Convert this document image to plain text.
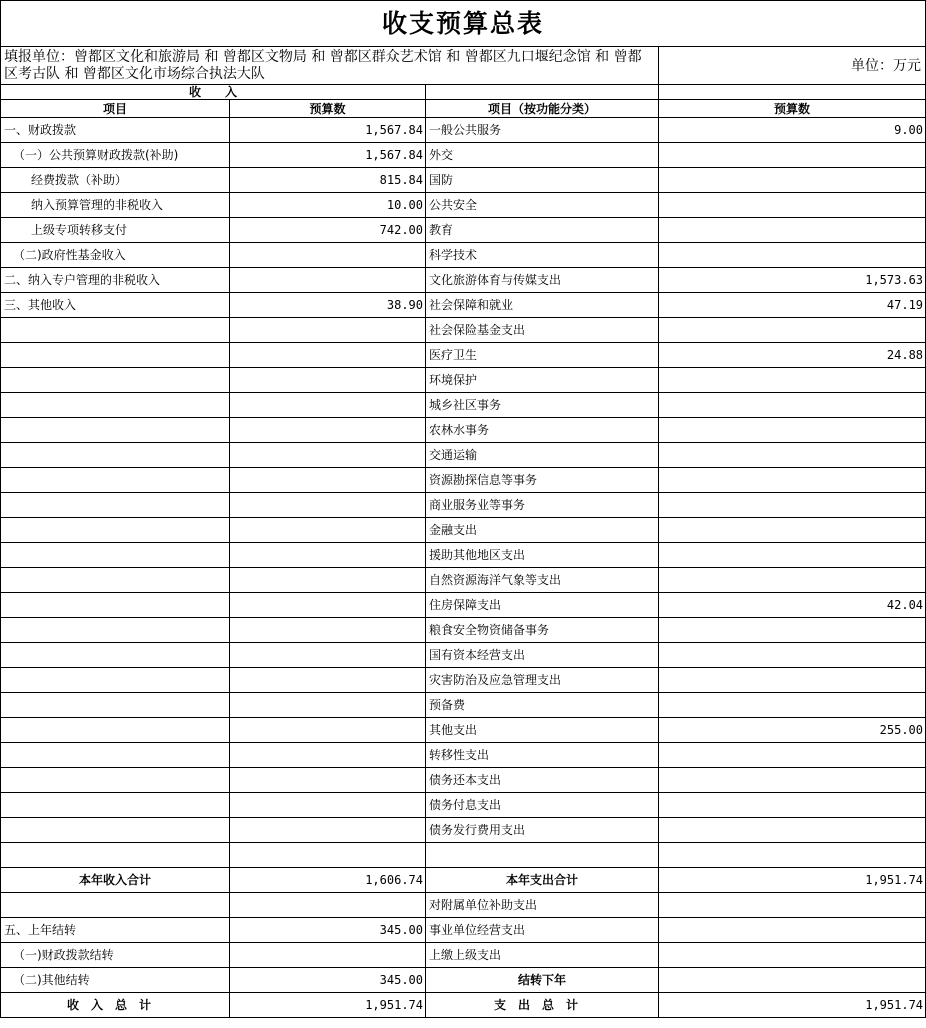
收支预算总表			
填报单位：曾都区文化和旅游局 和 曾都区文物局 和 曾都区群众艺术馆 和 曾都区九口堰纪念馆 和 曾都区考古队 和 曾都区文化市场综合执法大队			单位：万元
收　　入			
项目	预算数	项目（按功能分类）	预算数
一、财政拨款	1,567.84	一般公共服务	9.00
（一）公共预算财政拨款(补助)	1,567.84	外交	
经费拨款（补助）	815.84	国防	
纳入预算管理的非税收入	10.00	公共安全	
上级专项转移支付	742.00	教育	
（二)政府性基金收入		科学技术	
二、纳入专户管理的非税收入		文化旅游体育与传媒支出	1,573.63
三、其他收入	38.90	社会保障和就业	47.19
		社会保险基金支出	
		医疗卫生	24.88
		环境保护	
		城乡社区事务	
		农林水事务	
		交通运输	
		资源勘探信息等事务	
		商业服务业等事务	
		金融支出	
		援助其他地区支出	
		自然资源海洋气象等支出	
		住房保障支出	42.04
		粮食安全物资储备事务	
		国有资本经营支出	
		灾害防治及应急管理支出	
		预备费	
		其他支出	255.00
		转移性支出	
		债务还本支出	
		债务付息支出	
		债务发行费用支出	

本年收入合计	1,606.74	本年支出合计	1,951.74
		对附属单位补助支出	
五、上年结转	345.00	事业单位经营支出	
（一)财政拨款结转		上缴上级支出	
（二)其他结转	345.00	结转下年	
收入总计	1,951.74	支出总计	1,951.74
